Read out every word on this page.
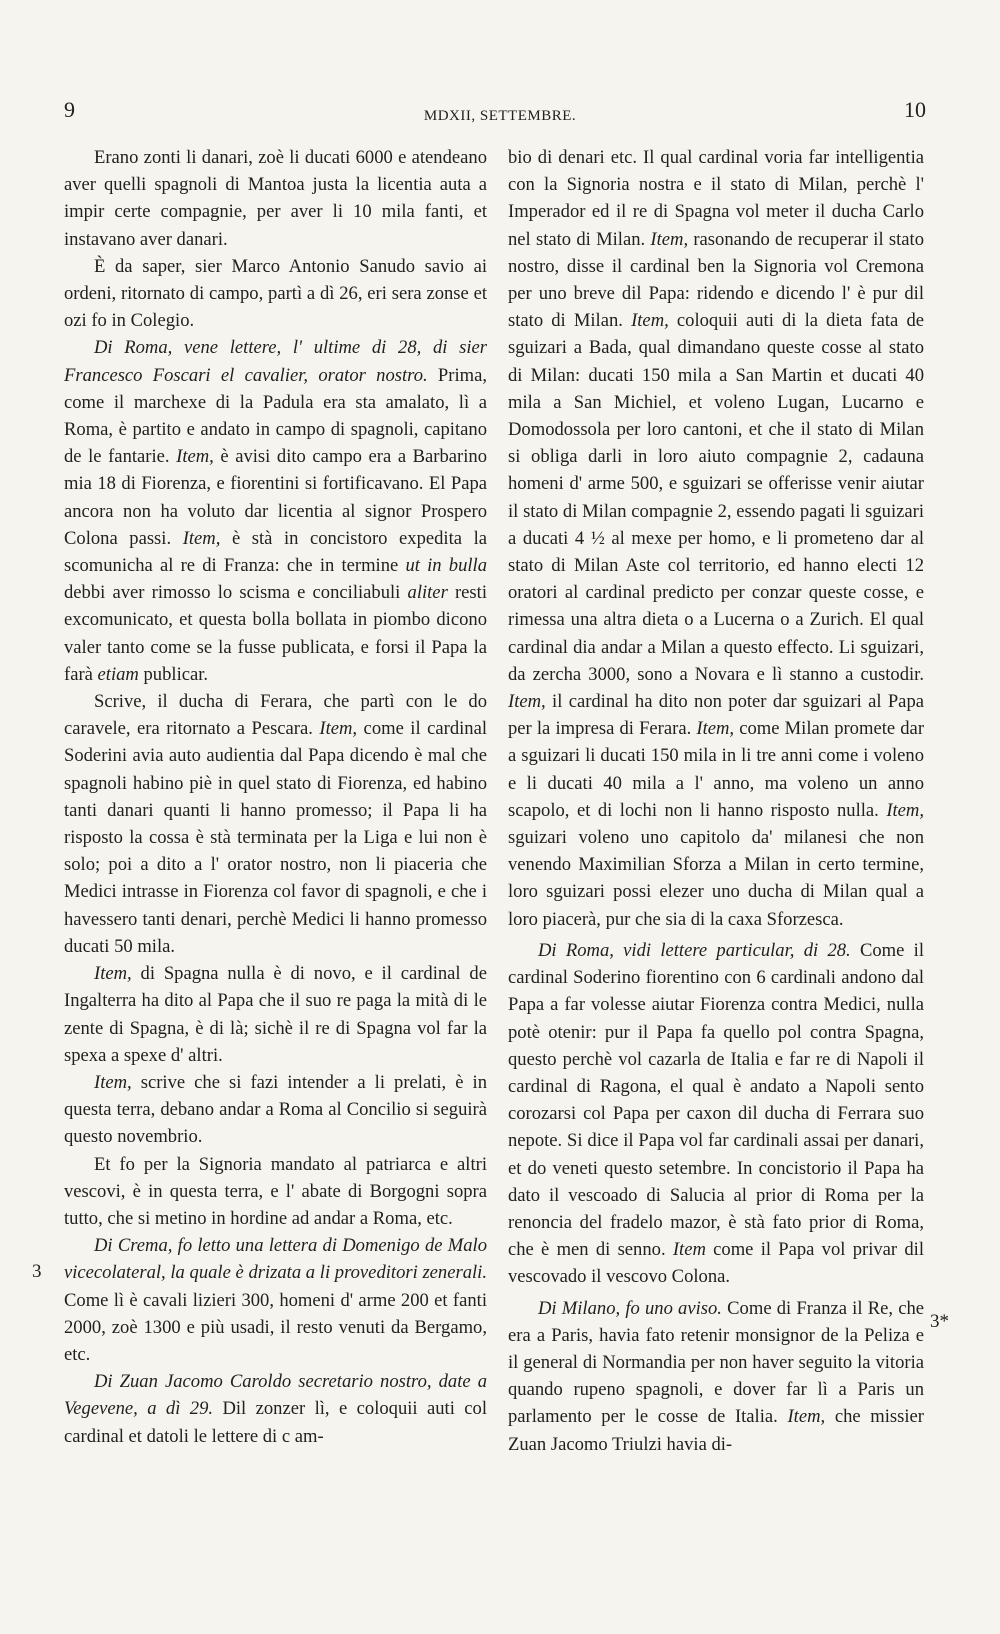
9	MDXII, SETTEMBRE.	10
3
3*

Erano zonti li danari, zoè li ducati 6000 e atendeano aver quelli spagnoli di Mantoa justa la licentia auta a impir certe compagnie, per aver li 10 mila fanti, et instavano aver danari.

È da saper, sier Marco Antonio Sanudo savio ai ordeni, ritornato di campo, partì a dì 26, eri sera zonse et ozi fo in Colegio.

Di Roma, vene lettere, l' ultime di 28, di sier Francesco Foscari el cavalier, orator nostro. Prima, come il marchexe di la Padula era sta amalato, lì a Roma, è partito e andato in campo di spagnoli, capitano de le fantarie. Item, è avisi dito campo era a Barbarino mia 18 di Fiorenza, e fiorentini si fortificavano. El Papa ancora non ha voluto dar licentia al signor Prospero Colona passi. Item, è stà in concistoro expedita la scomunicha al re di Franza: che in termine ut in bulla debbi aver rimosso lo scisma e conciliabuli aliter resti excomunicato, et questa bolla bollata in piombo dicono valer tanto come se la fusse publicata, e forsi il Papa la farà etiam publicar.

Scrive, il ducha di Ferara, che partì con le do caravele, era ritornato a Pescara. Item, come il cardinal Soderini avia auto audientia dal Papa dicendo è mal che spagnoli habino piè in quel stato di Fiorenza, ed habino tanti danari quanti li hanno promesso; il Papa li ha risposto la cossa è stà terminata per la Liga e lui non è solo; poi a dito a l' orator nostro, non li piaceria che Medici intrasse in Fiorenza col favor di spagnoli, e che i havessero tanti denari, perchè Medici li hanno promesso ducati 50 mila.

Item, di Spagna nulla è di novo, e il cardinal de Ingalterra ha dito al Papa che il suo re paga la mità di le zente di Spagna, è di là; sichè il re di Spagna vol far la spexa a spexe d' altri.

Item, scrive che si fazi intender a li prelati, è in questa terra, debano andar a Roma al Concilio si seguirà questo novembrio.

Et fo per la Signoria mandato al patriarca e altri vescovi, è in questa terra, e l' abate di Borgogni sopra tutto, che si metino in hordine ad andar a Roma, etc.

Di Crema, fo letto una lettera di Domenigo de Malo vicecolateral, la quale è drizata a li proveditori zenerali. Come lì è cavali lizieri 300, homeni d' arme 200 et fanti 2000, zoè 1300 e più usadi, il resto venuti da Bergamo, etc.

Di Zuan Jacomo Caroldo secretario nostro, date a Vegevene, a dì 29. Dil zonzer lì, e coloquii auti col cardinal et datoli le lettere di c am-

bio di denari etc. Il qual cardinal voria far intelligentia con la Signoria nostra e il stato di Milan, perchè l' Imperador ed il re di Spagna vol meter il ducha Carlo nel stato di Milan. Item, rasonando de recuperar il stato nostro, disse il cardinal ben la Signoria vol Cremona per uno breve dil Papa: ridendo e dicendo l' è pur dil stato di Milan. Item, coloquii auti di la dieta fata de sguizari a Bada, qual dimandano queste cosse al stato di Milan: ducati 150 mila a San Martin et ducati 40 mila a San Michiel, et voleno Lugan, Lucarno e Domodossola per loro cantoni, et che il stato di Milan si obliga darli in loro aiuto compagnie 2, cadauna homeni d' arme 500, e sguizari se offerisse venir aiutar il stato di Milan compagnie 2, essendo pagati li sguizari a ducati 4 ½ al mexe per homo, e li prometeno dar al stato di Milan Aste col territorio, ed hanno electi 12 oratori al cardinal predicto per conzar queste cosse, e rimessa una altra dieta o a Lucerna o a Zurich. El qual cardinal dia andar a Milan a questo effecto. Li sguizari, da zercha 3000, sono a Novara e lì stanno a custodir. Item, il cardinal ha dito non poter dar sguizari al Papa per la impresa di Ferara. Item, come Milan promete dar a sguizari li ducati 150 mila in li tre anni come i voleno e li ducati 40 mila a l' anno, ma voleno un anno scapolo, et di lochi non li hanno risposto nulla. Item, sguizari voleno uno capitolo da' milanesi che non venendo Maximilian Sforza a Milan in certo termine, loro sguizari possi elezer uno ducha di Milan qual a loro piacerà, pur che sia di la caxa Sforzesca.

Di Roma, vidi lettere particular, di 28. Come il cardinal Soderino fiorentino con 6 cardinali andono dal Papa a far volesse aiutar Fiorenza contra Medici, nulla potè otenir: pur il Papa fa quello pol contra Spagna, questo perchè vol cazarla de Italia e far re di Napoli il cardinal di Ragona, el qual è andato a Napoli sento corozarsi col Papa per caxon dil ducha di Ferrara suo nepote. Si dice il Papa vol far cardinali assai per danari, et do veneti questo setembre. In concistorio il Papa ha dato il vescoado di Salucia al prior di Roma per la renoncia del fradelo mazor, è stà fato prior di Roma, che è men di senno. Item come il Papa vol privar dil vescovado il vescovo Colona.

Di Milano, fo uno aviso. Come di Franza il Re, che era a Paris, havia fato retenir monsignor de la Peliza e il general di Normandia per non haver seguito la vitoria quando rupeno spagnoli, e dover far lì a Paris un parlamento per le cosse de Italia. Item, che missier Zuan Jacomo Triulzi havia di-
